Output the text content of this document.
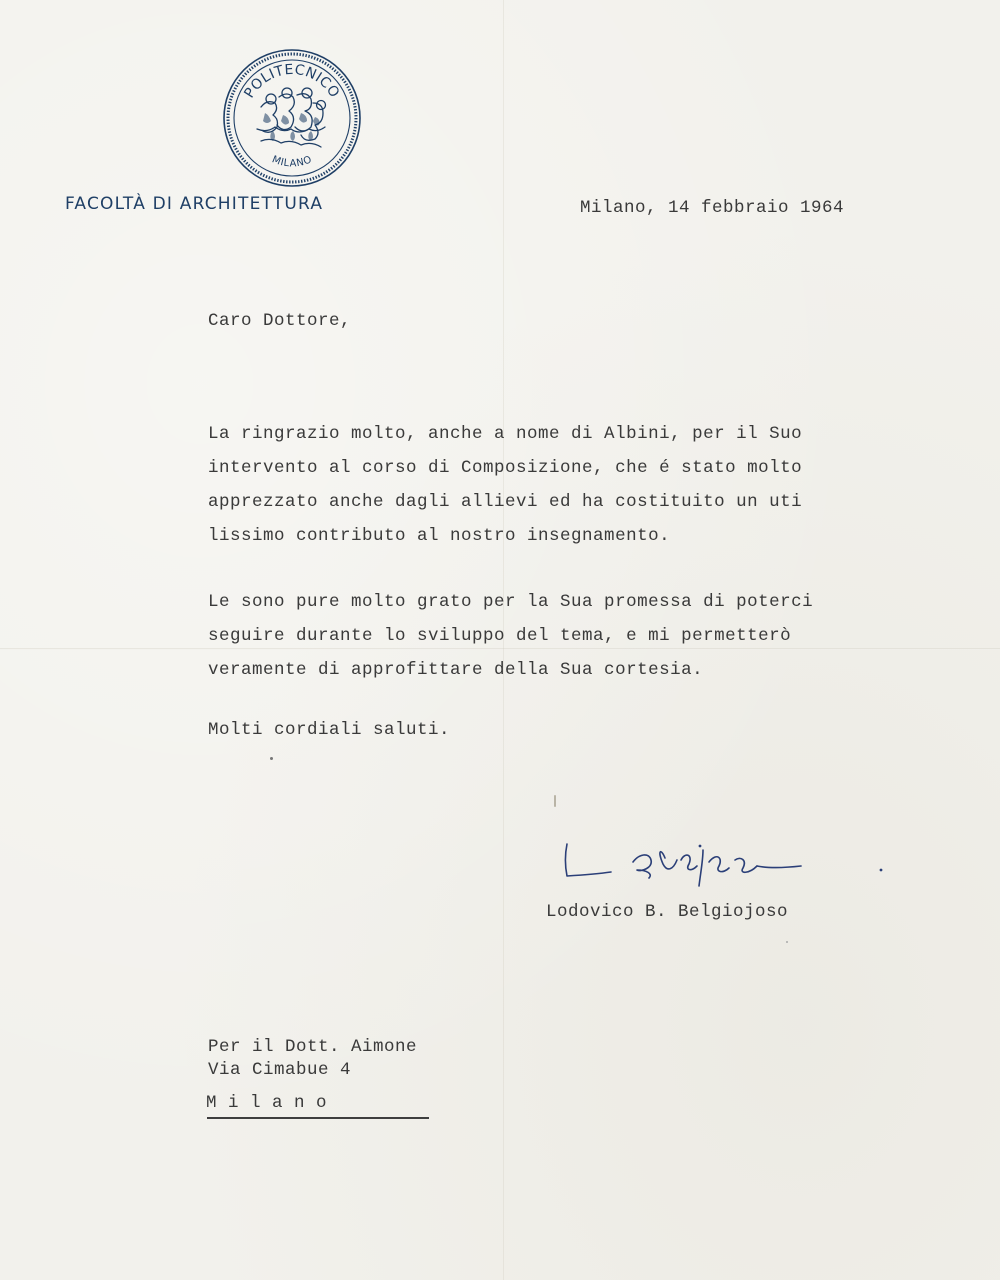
POLITECNICO
MILANO
FACOLTÀ DI ARCHITETTURA	Milano, 14 febbraio 1964
Caro Dottore,
La ringrazio molto, anche a nome di Albini, per il Suo
intervento al corso di Composizione, che é stato molto
apprezzato anche dagli allievi ed ha costituito un uti
lissimo contributo al nostro insegnamento.
Le sono pure molto grato per la Sua promessa di poterci
seguire durante lo sviluppo del tema, e mi permetterò
veramente di approfittare della Sua cortesia.
Molti cordiali saluti.
Lodovico B. Belgiojoso
Per il Dott. Aimone
Via Cimabue 4
M i l a n o
